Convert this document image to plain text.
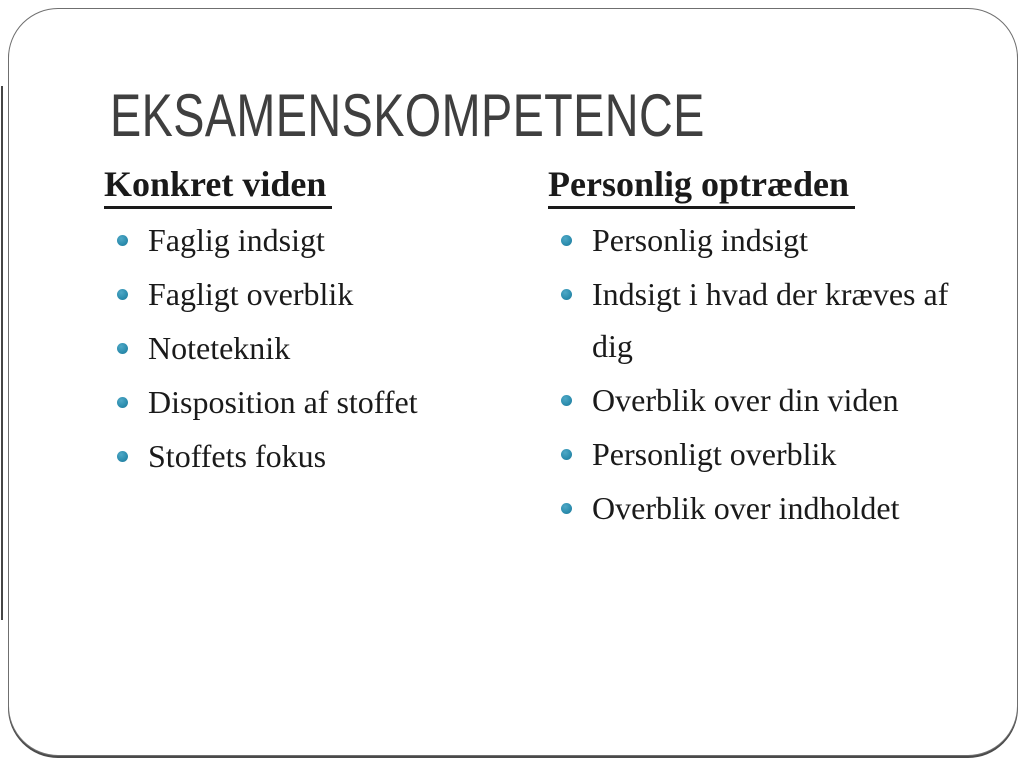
EKSAMENSKOMPETENCE
Konkret viden
Faglig indsigt
Fagligt overblik
Noteteknik
Disposition af stoffet
Stoffets fokus
Personlig optræden
Personlig indsigt
Indsigt i hvad der kræves af dig
Overblik over din viden
Personligt overblik
Overblik over indholdet
